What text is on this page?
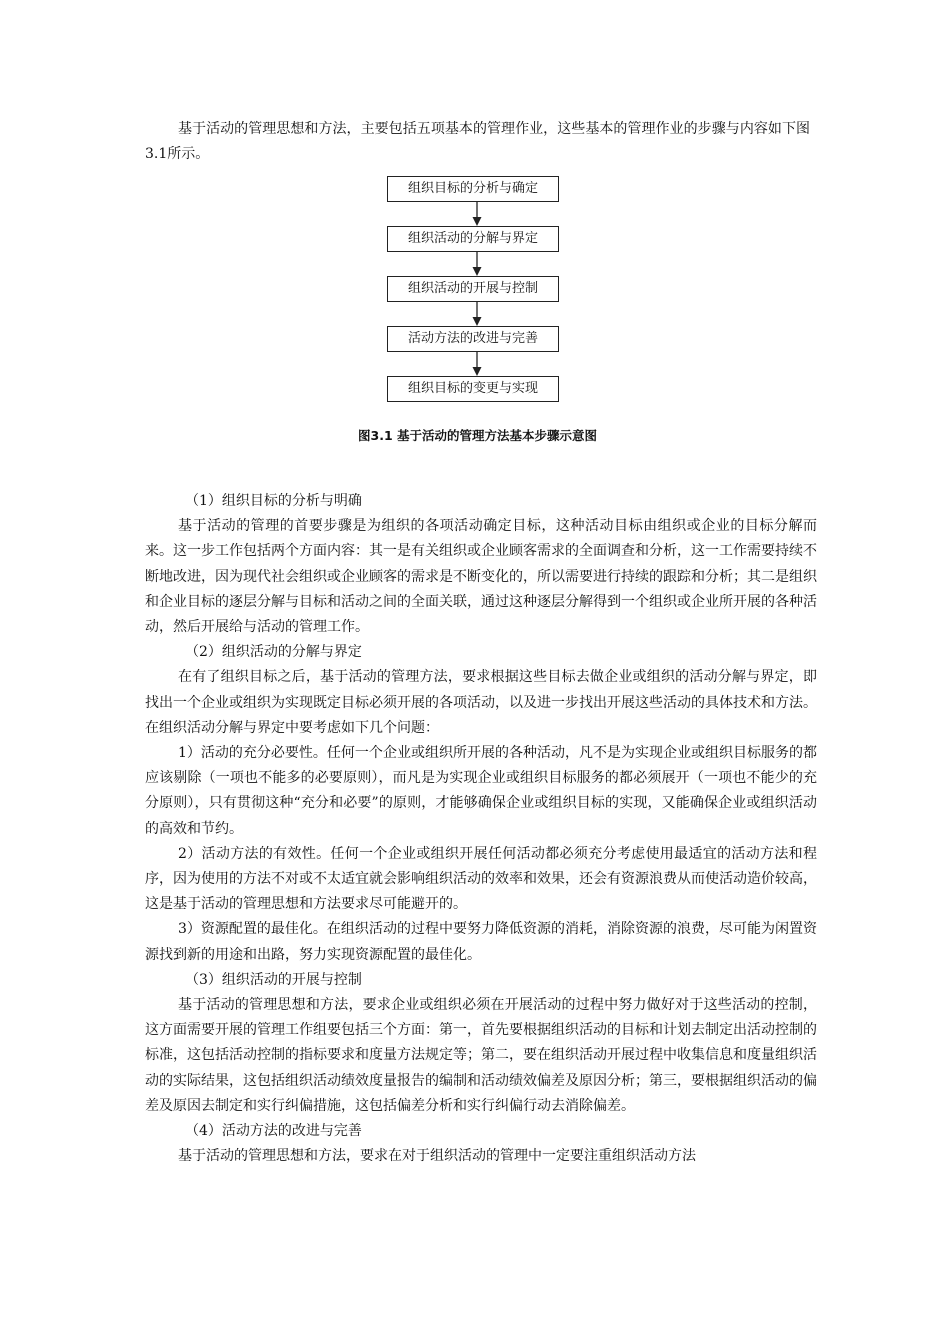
基于活动的管理思想和方法，主要包括五项基本的管理作业，这些基本的管理作业的步骤与内容如下图3.1所示。

组织目标的分析与确定
组织活动的分解与界定
组织活动的开展与控制
活动方法的改进与完善
组织目标的变更与实现
图3.1 基于活动的管理方法基本步骤示意图

（1）组织目标的分析与明确

基于活动的管理的首要步骤是为组织的各项活动确定目标，这种活动目标由组织或企业的目标分解而来。这一步工作包括两个方面内容：其一是有关组织或企业顾客需求的全面调查和分析，这一工作需要持续不断地改进，因为现代社会组织或企业顾客的需求是不断变化的，所以需要进行持续的跟踪和分析；其二是组织和企业目标的逐层分解与目标和活动之间的全面关联，通过这种逐层分解得到一个组织或企业所开展的各种活动，然后开展给与活动的管理工作。

（2）组织活动的分解与界定

在有了组织目标之后，基于活动的管理方法，要求根据这些目标去做企业或组织的活动分解与界定，即找出一个企业或组织为实现既定目标必须开展的各项活动，以及进一步找出开展这些活动的具体技术和方法。在组织活动分解与界定中要考虑如下几个问题：

1）活动的充分必要性。任何一个企业或组织所开展的各种活动，凡不是为实现企业或组织目标服务的都应该剔除（一项也不能多的必要原则），而凡是为实现企业或组织目标服务的都必须展开（一项也不能少的充分原则），只有贯彻这种“充分和必要”的原则，才能够确保企业或组织目标的实现，又能确保企业或组织活动的高效和节约。

2）活动方法的有效性。任何一个企业或组织开展任何活动都必须充分考虑使用最适宜的活动方法和程序，因为使用的方法不对或不太适宜就会影响组织活动的效率和效果，还会有资源浪费从而使活动造价较高，这是基于活动的管理思想和方法要求尽可能避开的。

3）资源配置的最佳化。在组织活动的过程中要努力降低资源的消耗，消除资源的浪费，尽可能为闲置资源找到新的用途和出路，努力实现资源配置的最佳化。

（3）组织活动的开展与控制

基于活动的管理思想和方法，要求企业或组织必须在开展活动的过程中努力做好对于这些活动的控制，这方面需要开展的管理工作组要包括三个方面：第一，首先要根据组织活动的目标和计划去制定出活动控制的标准，这包括活动控制的指标要求和度量方法规定等；第二，要在组织活动开展过程中收集信息和度量组织活动的实际结果，这包括组织活动绩效度量报告的编制和活动绩效偏差及原因分析；第三，要根据组织活动的偏差及原因去制定和实行纠偏措施，这包括偏差分析和实行纠偏行动去消除偏差。

（4）活动方法的改进与完善

基于活动的管理思想和方法，要求在对于组织活动的管理中一定要注重组织活动方法
